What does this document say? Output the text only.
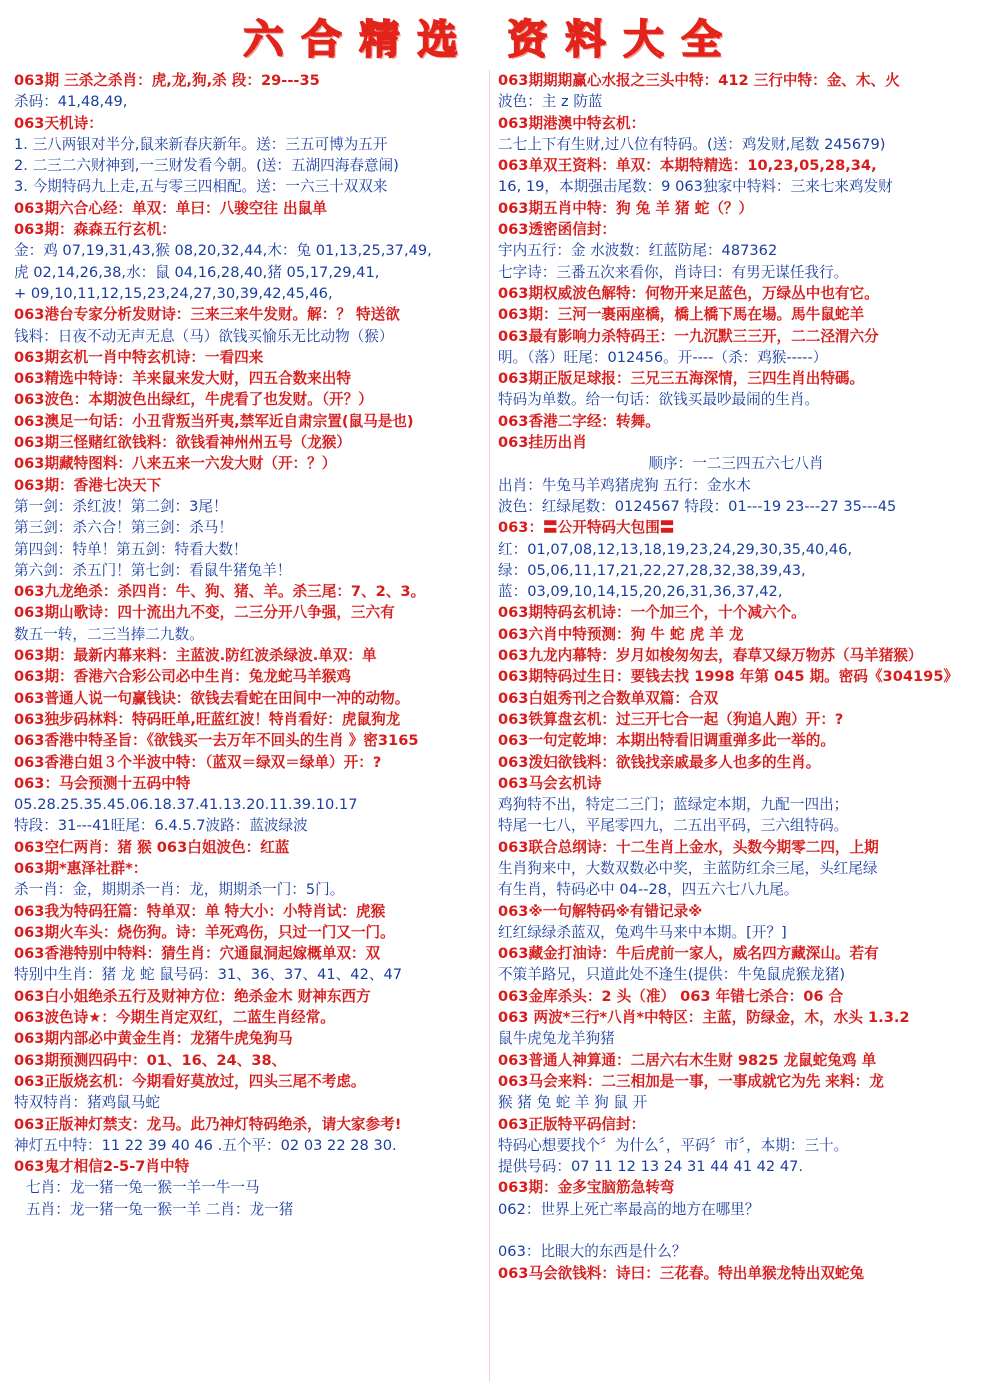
六合精选 资料大全
063期 三杀之杀肖：虎,龙,狗,杀 段：29---35
杀码：41,48,49,
063天机诗：
1. 三八两银对半分,鼠来新春庆新年。送：三五可博为五开
2. 二三二六财神到,一三财发看今朝。(送：五湖四海春意闹)
3. 今期特码九上走,五与零三四相配。送：一六三十双双来
063期六合心经：单双：单曰：八骏空往 出鼠单
063期：森森五行玄机：
金：鸡 07,19,31,43,猴 08,20,32,44,木：兔 01,13,25,37,49,
虎 02,14,26,38,水：鼠 04,16,28,40,猪 05,17,29,41,
+ 09,10,11,12,15,23,24,27,30,39,42,45,46,
063港台专家分析发财诗：三来三来牛发财。解：？ 特送欲
钱料：日夜不动无声无息（马）欲钱买愉乐无比动物（猴）
063期玄机一肖中特玄机诗：一看四来
063精选中特诗：羊来鼠来发大财，四五合数来出特
063波色：本期波色出绿红，牛虎看了也发财。（开？）
063澳足一句话：小丑背叛当歼夷,禁军近自肃宗置(鼠马是也)
063期三怪赌红欲钱料：欲钱看神州州五号（龙猴）
063期藏特图料：八来五来一六发大财（开：？）
063期：香港七决天下
第一剑：杀红波！第二剑：3尾！
第三剑：杀六合！第三剑：杀马！
第四剑：特单！第五剑：特看大数！
第六剑：杀五门！第七剑：看鼠牛猪兔羊！
063九龙绝杀：杀四肖：牛、狗、猪、羊。杀三尾：7、2、3。
063期山歌诗：四十流出九不变，二三分开八争强，三六有
数五一转，二三当捧二九数。
063期：最新内幕来料：主蓝波.防红波杀绿波.单双：单
063期：香港六合彩公司必中生肖：兔龙蛇马羊猴鸡
063普通人说一句赢钱诀：欲钱去看蛇在田间中一冲的动物。
063独步码林料：特码旺单,旺蓝红波！特肖看好：虎鼠狗龙
063香港中特圣旨：《欲钱买一去万年不回头的生肖 》密3165
063香港白姐３个半波中特：（蓝双＝绿双＝绿单）开：?
063：马会预测十五码中特
05.28.25.35.45.06.18.37.41.13.20.11.39.10.17
特段：31---41旺尾：6.4.5.7波路：蓝波绿波
063空仁两肖：猪 猴 063白姐波色：红蓝
063期*惠泽社群*：
杀一肖：金，期期杀一肖：龙，期期杀一门：5门。
063我为特码狂篇：特单双：单 特大小：小特肖试：虎猴
063期火车头：烧伤狗。诗：羊死鸡伤，只过一门又一门。
063香港特别中特料：猜生肖：穴通鼠洞起嫁概单双：双
特别中生肖：猪 龙 蛇 鼠号码：31、36、37、41、42、47
063白小姐绝杀五行及财神方位：绝杀金木 财神东西方
063波色诗★：今期生肖定双红，二蓝生肖经常。
063期内部必中黄金生肖：龙猪牛虎兔狗马
063期预测四码中：01、16、24、38、
063正版烧玄机：今期看好莫放过，四头三尾不考虑。
特双特肖：猪鸡鼠马蛇
063正版神灯禁支：龙马。此乃神灯特码绝杀，请大家参考!
神灯五中特：11 22 39 40 46 .五个平：02 03 22 28 30.
063鬼才相信2-5-7肖中特
七肖：龙一猪一兔一猴一羊一牛一马
五肖：龙一猪一兔一猴一羊 二肖：龙一猪
063期期期赢心水报之三头中特：412 三行中特：金、木、火
波色：主 z 防蓝
063期港澳中特玄机：
二七上下有生财,过八位有特码。(送：鸡发财,尾数 245679)
063单双王资料：单双：本期特精选：10,23,05,28,34,
16, 19，本期强击尾数：9 063独家中特料：三来七来鸡发财
063期五肖中特：狗 兔 羊 猪 蛇（？）
063透密函信封：
宇内五行：金 水波数：红蓝防尾：487362
七字诗：三番五次来看你，肖诗曰：有男无谋任我行。
063期权威波色解特：何物开来足蓝色，万绿丛中也有它。
063期：三河一裹兩座橋，橋上橋下馬在場。馬牛鼠蛇羊
063最有影响力杀特码王：一九沉默三三开，二二泾渭六分
明。（落）旺尾：012456。开----（杀：鸡猴-----）
063期正版足球报：三兄三五海深情，三四生肖出特碼。
特码为单数。给一句话：欲钱买最吵最闹的生肖。
063香港二字经：转舞。
063挂历出肖
顺序：一二三四五六七八肖
出肖：牛兔马羊鸡猪虎狗 五行：金水木
波色：红绿尾数：0124567 特段：01---19 23---27 35---45
063：〓公开特码大包围〓
红：01,07,08,12,13,18,19,23,24,29,30,35,40,46,
绿：05,06,11,17,21,22,27,28,32,38,39,43,
蓝：03,09,10,14,15,20,26,31,36,37,42,
063期特码玄机诗：一个加三个，十个减六个。
063六肖中特预测：狗 牛 蛇 虎 羊 龙
063九龙内幕特：岁月如梭匆匆去，春草又绿万物苏（马羊猪猴）
063期特码过生日：要钱去找 1998 年第 045 期。密码《304195》
063白姐秀刊之合数单双篇：合双
063铁算盘玄机：过三开七合一起（狗追人跑）开：?
063一句定乾坤：本期出特看旧调重弹多此一举的。
063泼妇欲钱料：欲钱找亲戚最多人也多的生肖。
063马会玄机诗
鸡狗特不出，特定二三门；蓝绿定本期，九配一四出；
特尾一七八，平尾零四九，二五出平码，三六组特码。
063联合总纲诗：十二生肖上金水，头数今期零二四，上期
生肖狗来中，大数双数必中奖，主蓝防红余三尾，头红尾绿
有生肖，特码必中 04--28，四五六七八九尾。
063※一句解特码※有错记录※
红红绿绿杀蓝双，兔鸡牛马来中本期。[开？]
063藏金打油诗：牛后虎前一家人，威名四方藏深山。若有
不策羊路兄，只道此处不逢生(提供：牛兔鼠虎猴龙猪)
063金库杀头：2 头（准） 063 年错七杀合：06 合
063 两波*三行*八肖*中特区：主蓝，防绿金，木，水头 1.3.2
鼠牛虎兔龙羊狗猪
063普通人神算通：二居六右木生财 9825 龙鼠蛇兔鸡 单
063马会来料：二三相加是一事，一事成就它为先 来料：龙
猴 猪 兔 蛇 羊 狗 鼠 开
063正版特平码信封：
特码心想要找个〞为什么〞，平码〞市〞，本期：三十。
提供号码：07 11 12 13 24 31 44 41 42 47.
063期：金多宝脑筋急转弯
062：世界上死亡率最高的地方在哪里？
063：比眼大的东西是什么？
063马会欲钱料：诗曰：三花春。特出单猴龙特出双蛇兔
